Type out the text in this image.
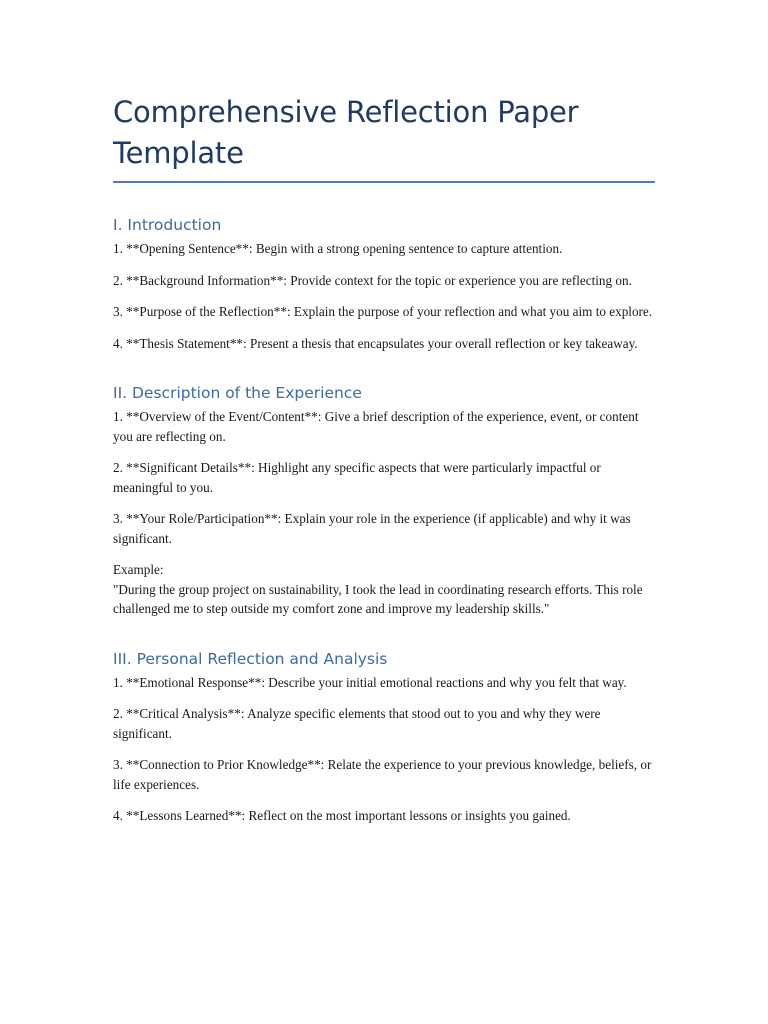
Comprehensive Reflection Paper Template
I. Introduction

1. **Opening Sentence**: Begin with a strong opening sentence to capture attention.

2. **Background Information**: Provide context for the topic or experience you are reflecting on.

3. **Purpose of the Reflection**: Explain the purpose of your reflection and what you aim to explore.

4. **Thesis Statement**: Present a thesis that encapsulates your overall reflection or key takeaway.

II. Description of the Experience

1. **Overview of the Event/Content**: Give a brief description of the experience, event, or content you are reflecting on.

2. **Significant Details**: Highlight any specific aspects that were particularly impactful or meaningful to you.

3. **Your Role/Participation**: Explain your role in the experience (if applicable) and why it was significant.

Example:

"During the group project on sustainability, I took the lead in coordinating research efforts. This role challenged me to step outside my comfort zone and improve my leadership skills."

III. Personal Reflection and Analysis

1. **Emotional Response**: Describe your initial emotional reactions and why you felt that way.

2. **Critical Analysis**: Analyze specific elements that stood out to you and why they were significant.

3. **Connection to Prior Knowledge**: Relate the experience to your previous knowledge, beliefs, or life experiences.

4. **Lessons Learned**: Reflect on the most important lessons or insights you gained.
